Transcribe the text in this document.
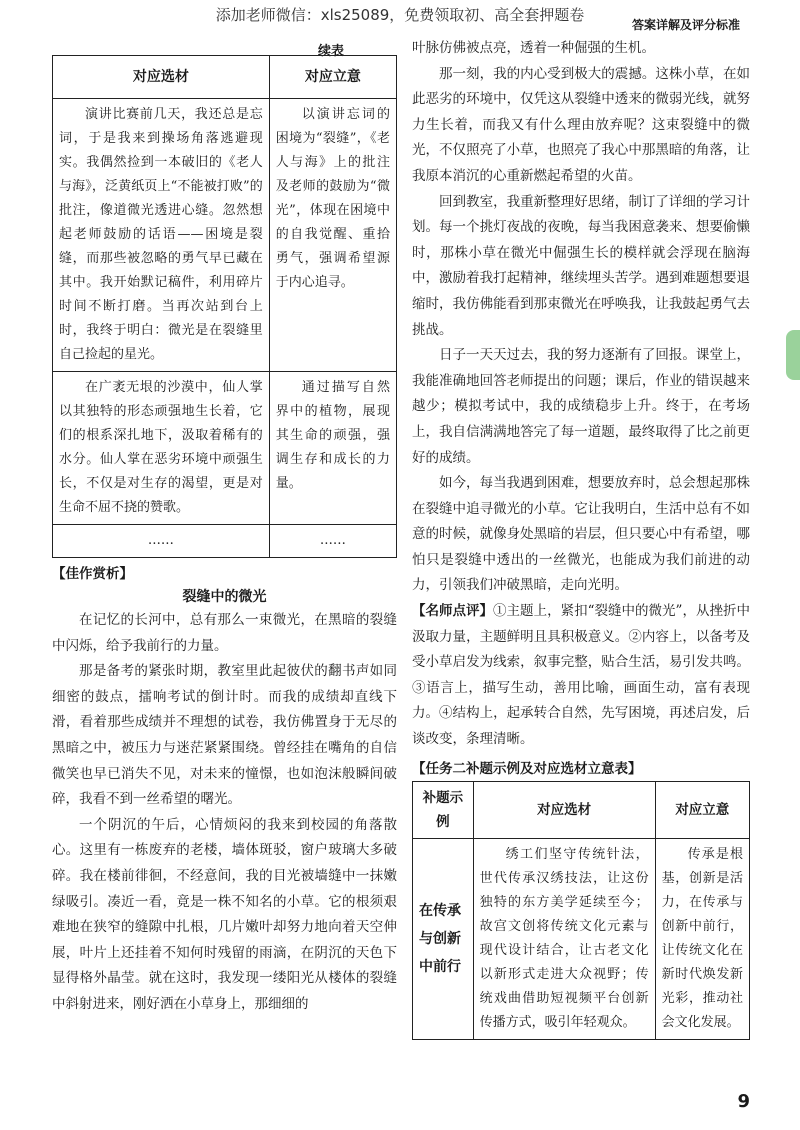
添加老师微信：xls25089，免费领取初、高全套押题卷
答案详解及评分标准
续表
对应选材	对应立意

演讲比赛前几天，我还总是忘词，于是我来到操场角落逃避现实。我偶然捡到一本破旧的《老人与海》，泛黄纸页上“不能被打败”的批注，像道微光透进心缝。忽然想起老师鼓励的话语——困境是裂缝，而那些被忽略的勇气早已藏在其中。我开始默记稿件，利用碎片时间不断打磨。当再次站到台上时，我终于明白：微光是在裂缝里自己捡起的星光。	以演讲忘词的困境为“裂缝”，《老人与海》上的批注及老师的鼓励为“微光”，体现在困境中的自我觉醒、重拾勇气，强调希望源于内心追寻。

在广袤无垠的沙漠中，仙人掌以其独特的形态顽强地生长着，它们的根系深扎地下，汲取着稀有的水分。仙人掌在恶劣环境中顽强生长，不仅是对生存的渴望，更是对生命不屈不挠的赞歌。	通过描写自然界中的植物，展现其生命的顽强，强调生存和成长的力量。

……	……
【佳作赏析】
裂缝中的微光

在记忆的长河中，总有那么一束微光，在黑暗的裂缝中闪烁，给予我前行的力量。

那是备考的紧张时期，教室里此起彼伏的翻书声如同细密的鼓点，擂响考试的倒计时。而我的成绩却直线下滑，看着那些成绩并不理想的试卷，我仿佛置身于无尽的黑暗之中，被压力与迷茫紧紧围绕。曾经挂在嘴角的自信微笑也早已消失不见，对未来的憧憬，也如泡沫般瞬间破碎，我看不到一丝希望的曙光。

一个阴沉的午后，心情烦闷的我来到校园的角落散心。这里有一栋废弃的老楼，墙体斑驳，窗户玻璃大多破碎。我在楼前徘徊，不经意间，我的目光被墙缝中一抹嫩绿吸引。凑近一看，竟是一株不知名的小草。它的根须艰难地在狭窄的缝隙中扎根，几片嫩叶却努力地向着天空伸展，叶片上还挂着不知何时残留的雨滴，在阴沉的天色下显得格外晶莹。就在这时，我发现一缕阳光从楼体的裂缝中斜射进来，刚好洒在小草身上，那细细的

叶脉仿佛被点亮，透着一种倔强的生机。

那一刻，我的内心受到极大的震撼。这株小草，在如此恶劣的环境中，仅凭这从裂缝中透来的微弱光线，就努力生长着，而我又有什么理由放弃呢？这束裂缝中的微光，不仅照亮了小草，也照亮了我心中那黑暗的角落，让我原本消沉的心重新燃起希望的火苗。

回到教室，我重新整理好思绪，制订了详细的学习计划。每一个挑灯夜战的夜晚，每当我困意袭来、想要偷懒时，那株小草在微光中倔强生长的模样就会浮现在脑海中，激励着我打起精神，继续埋头苦学。遇到难题想要退缩时，我仿佛能看到那束微光在呼唤我，让我鼓起勇气去挑战。

日子一天天过去，我的努力逐渐有了回报。课堂上，我能准确地回答老师提出的问题；课后，作业的错误越来越少；模拟考试中，我的成绩稳步上升。终于，在考场上，我自信满满地答完了每一道题，最终取得了比之前更好的成绩。

如今，每当我遇到困难，想要放弃时，总会想起那株在裂缝中追寻微光的小草。它让我明白，生活中总有不如意的时候，就像身处黑暗的岩层，但只要心中有希望，哪怕只是裂缝中透出的一丝微光，也能成为我们前进的动力，引领我们冲破黑暗，走向光明。

【名师点评】①主题上，紧扣“裂缝中的微光”，从挫折中汲取力量，主题鲜明且具积极意义。②内容上，以备考及受小草启发为线索，叙事完整，贴合生活，易引发共鸣。③语言上，描写生动，善用比喻，画面生动，富有表现力。④结构上，起承转合自然，先写困境，再述启发，后谈改变，条理清晰。

【任务二补题示例及对应选材立意表】
补题示例	对应选材	对应立意
在传承与创新中前行	绣工们坚守传统针法，世代传承汉绣技法，让这份独特的东方美学延续至今；故宫文创将传统文化元素与现代设计结合，让古老文化以新形式走进大众视野；传统戏曲借助短视频平台创新传播方式，吸引年轻观众。	传承是根基，创新是活力，在传承与创新中前行，让传统文化在新时代焕发新光彩，推动社会文化发展。

9
